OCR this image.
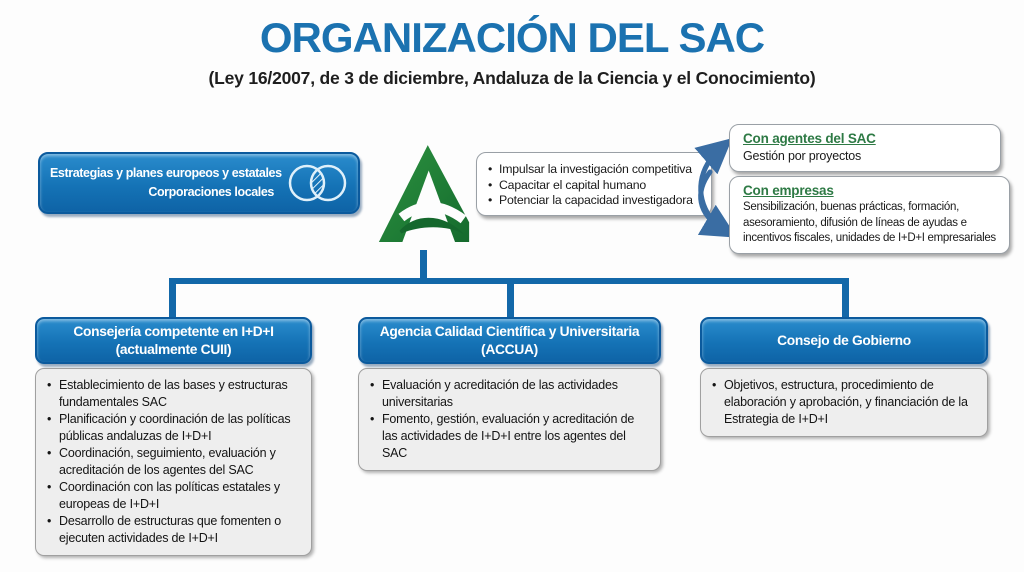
ORGANIZACIÓN DEL SAC
(Ley 16/2007, de 3 de diciembre, Andaluza de la Ciencia y el Conocimiento)
Estrategias y planes europeos y estatales
Corporaciones locales
• Impulsar la investigación competitiva
• Capacitar el capital humano
• Potenciar la capacidad investigadora
Con agentes del SAC
Gestión por proyectos
Con empresas
Sensibilización, buenas prácticas, formación, asesoramiento, difusión de líneas de ayudas e incentivos fiscales, unidades de I+D+I empresariales
Consejería competente en I+D+I
(actualmente CUII)
Agencia Calidad Científica y Universitaria
(ACCUA)
Consejo de Gobierno
• Establecimiento de las bases y estructuras fundamentales SAC
• Planificación y coordinación de las políticas públicas andaluzas de I+D+I
• Coordinación, seguimiento, evaluación y acreditación de los agentes del SAC
• Coordinación con las políticas estatales y europeas de I+D+I
• Desarrollo de estructuras que fomenten o ejecuten actividades de I+D+I
• Evaluación y acreditación de las actividades universitarias
• Fomento, gestión, evaluación y acreditación de las actividades de I+D+I entre los agentes del SAC
• Objetivos, estructura, procedimiento de elaboración y aprobación, y financiación de la Estrategia de I+D+I
